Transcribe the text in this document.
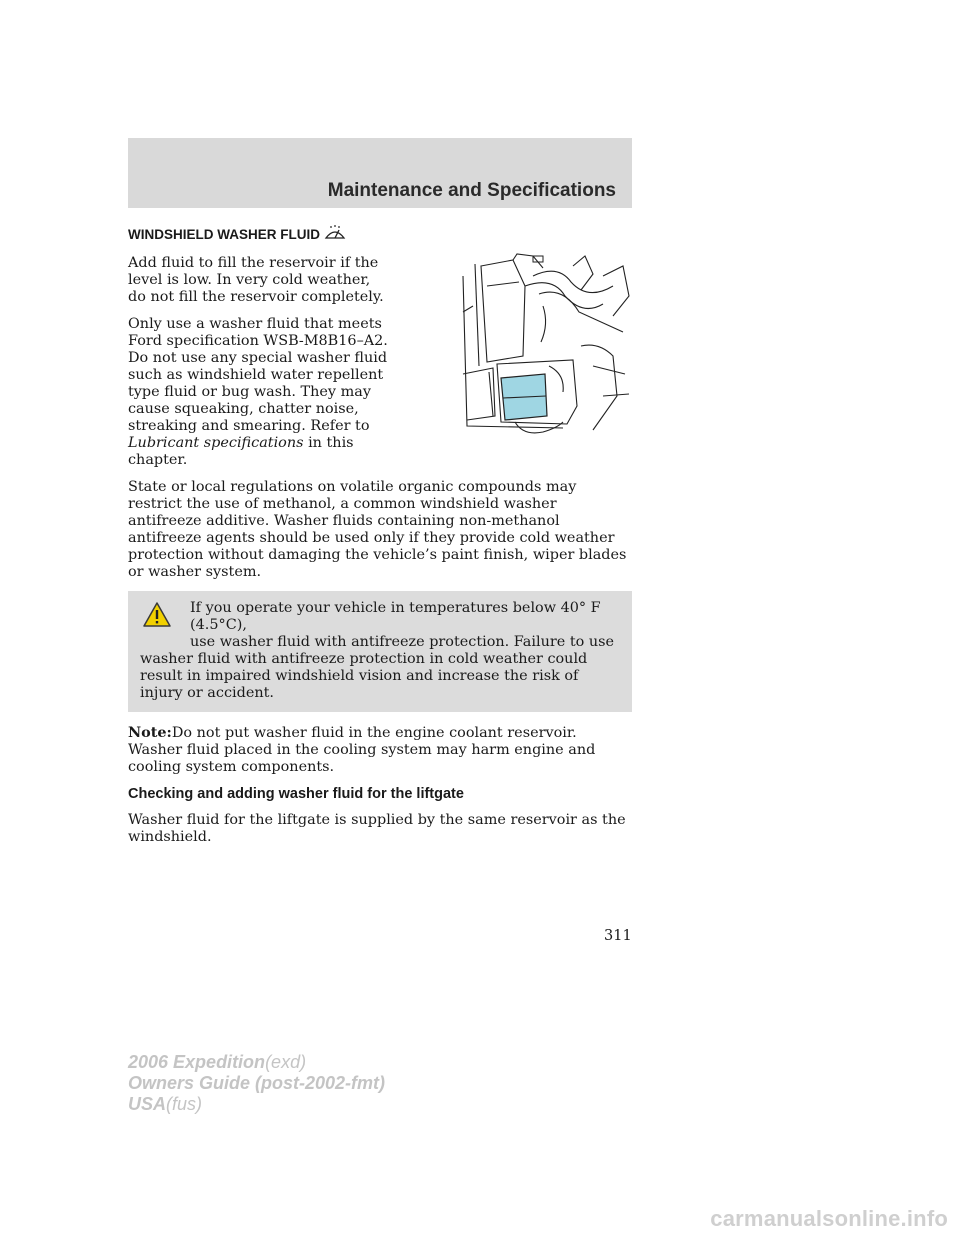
Maintenance and Specifications
WINDSHIELD WASHER FLUID

Add fluid to fill the reservoir if the level is low. In very cold weather, do not fill the reservoir completely.

Only use a washer fluid that meets Ford specification WSB-M8B16–A2. Do not use any special washer fluid such as windshield water repellent type fluid or bug wash. They may cause squeaking, chatter noise, streaking and smearing. Refer to Lubricant specifications in this chapter.

State or local regulations on volatile organic compounds may restrict the use of methanol, a common windshield washer antifreeze additive. Washer fluids containing non-methanol antifreeze agents should be used only if they provide cold weather protection without damaging the vehicle’s paint finish, wiper blades or washer system.

If you operate your vehicle in temperatures below 40° F (4.5°C),
use washer fluid with antifreeze protection. Failure to use
washer fluid with antifreeze protection in cold weather could result in impaired windshield vision and increase the risk of injury or accident.

Note:Do not put washer fluid in the engine coolant reservoir. Washer fluid placed in the cooling system may harm engine and cooling system components.

Checking and adding washer fluid for the liftgate

Washer fluid for the liftgate is supplied by the same reservoir as the windshield.

311
2006 Expedition(exd)
Owners Guide (post-2002-fmt)
USA(fus)
carmanualsonline.info
